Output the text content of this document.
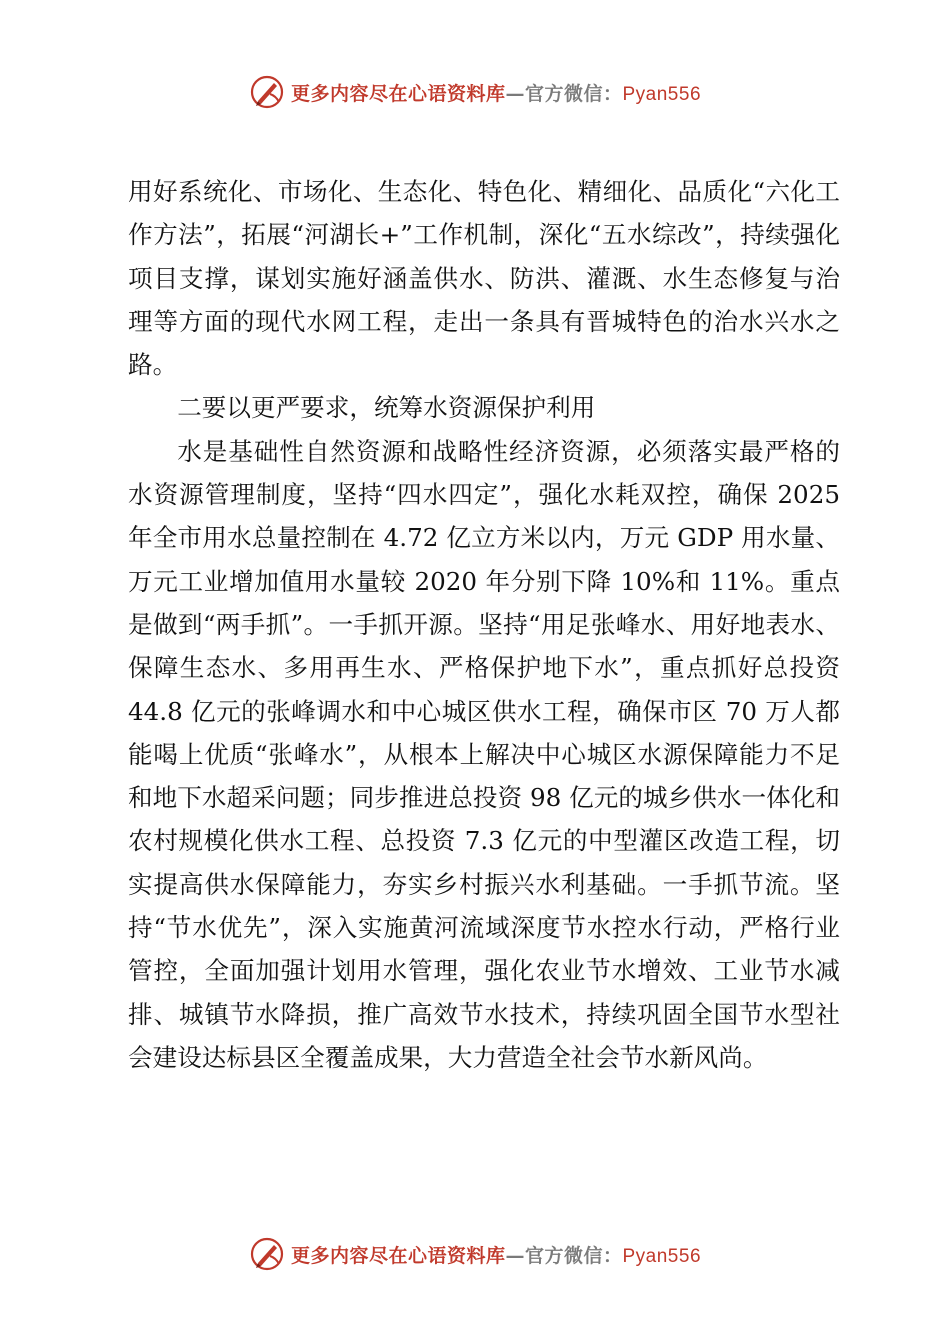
更多内容尽在心语资料库—官方微信：Pyan556

用好系统化、市场化、生态化、特色化、精细化、品质化“六化工作方法”，拓展“河湖长+”工作机制，深化“五水综改”，持续强化项目支撑，谋划实施好涵盖供水、防洪、灌溉、水生态修复与治理等方面的现代水网工程，走出一条具有晋城特色的治水兴水之路。

二要以更严要求，统筹水资源保护利用

水是基础性自然资源和战略性经济资源，必须落实最严格的水资源管理制度，坚持“四水四定”，强化水耗双控，确保 2025 年全市用水总量控制在 4.72 亿立方米以内，万元 GDP 用水量、万元工业增加值用水量较 2020 年分别下降 10%和 11%。重点是做到“两手抓”。一手抓开源。坚持“用足张峰水、用好地表水、保障生态水、多用再生水、严格保护地下水”，重点抓好总投资 44.8 亿元的张峰调水和中心城区供水工程，确保市区 70 万人都能喝上优质“张峰水”，从根本上解决中心城区水源保障能力不足和地下水超采问题；同步推进总投资 98 亿元的城乡供水一体化和农村规模化供水工程、总投资 7.3 亿元的中型灌区改造工程，切实提高供水保障能力，夯实乡村振兴水利基础。一手抓节流。坚持“节水优先”，深入实施黄河流域深度节水控水行动，严格行业管控，全面加强计划用水管理，强化农业节水增效、工业节水减排、城镇节水降损，推广高效节水技术，持续巩固全国节水型社会建设达标县区全覆盖成果，大力营造全社会节水新风尚。

更多内容尽在心语资料库—官方微信：Pyan556
